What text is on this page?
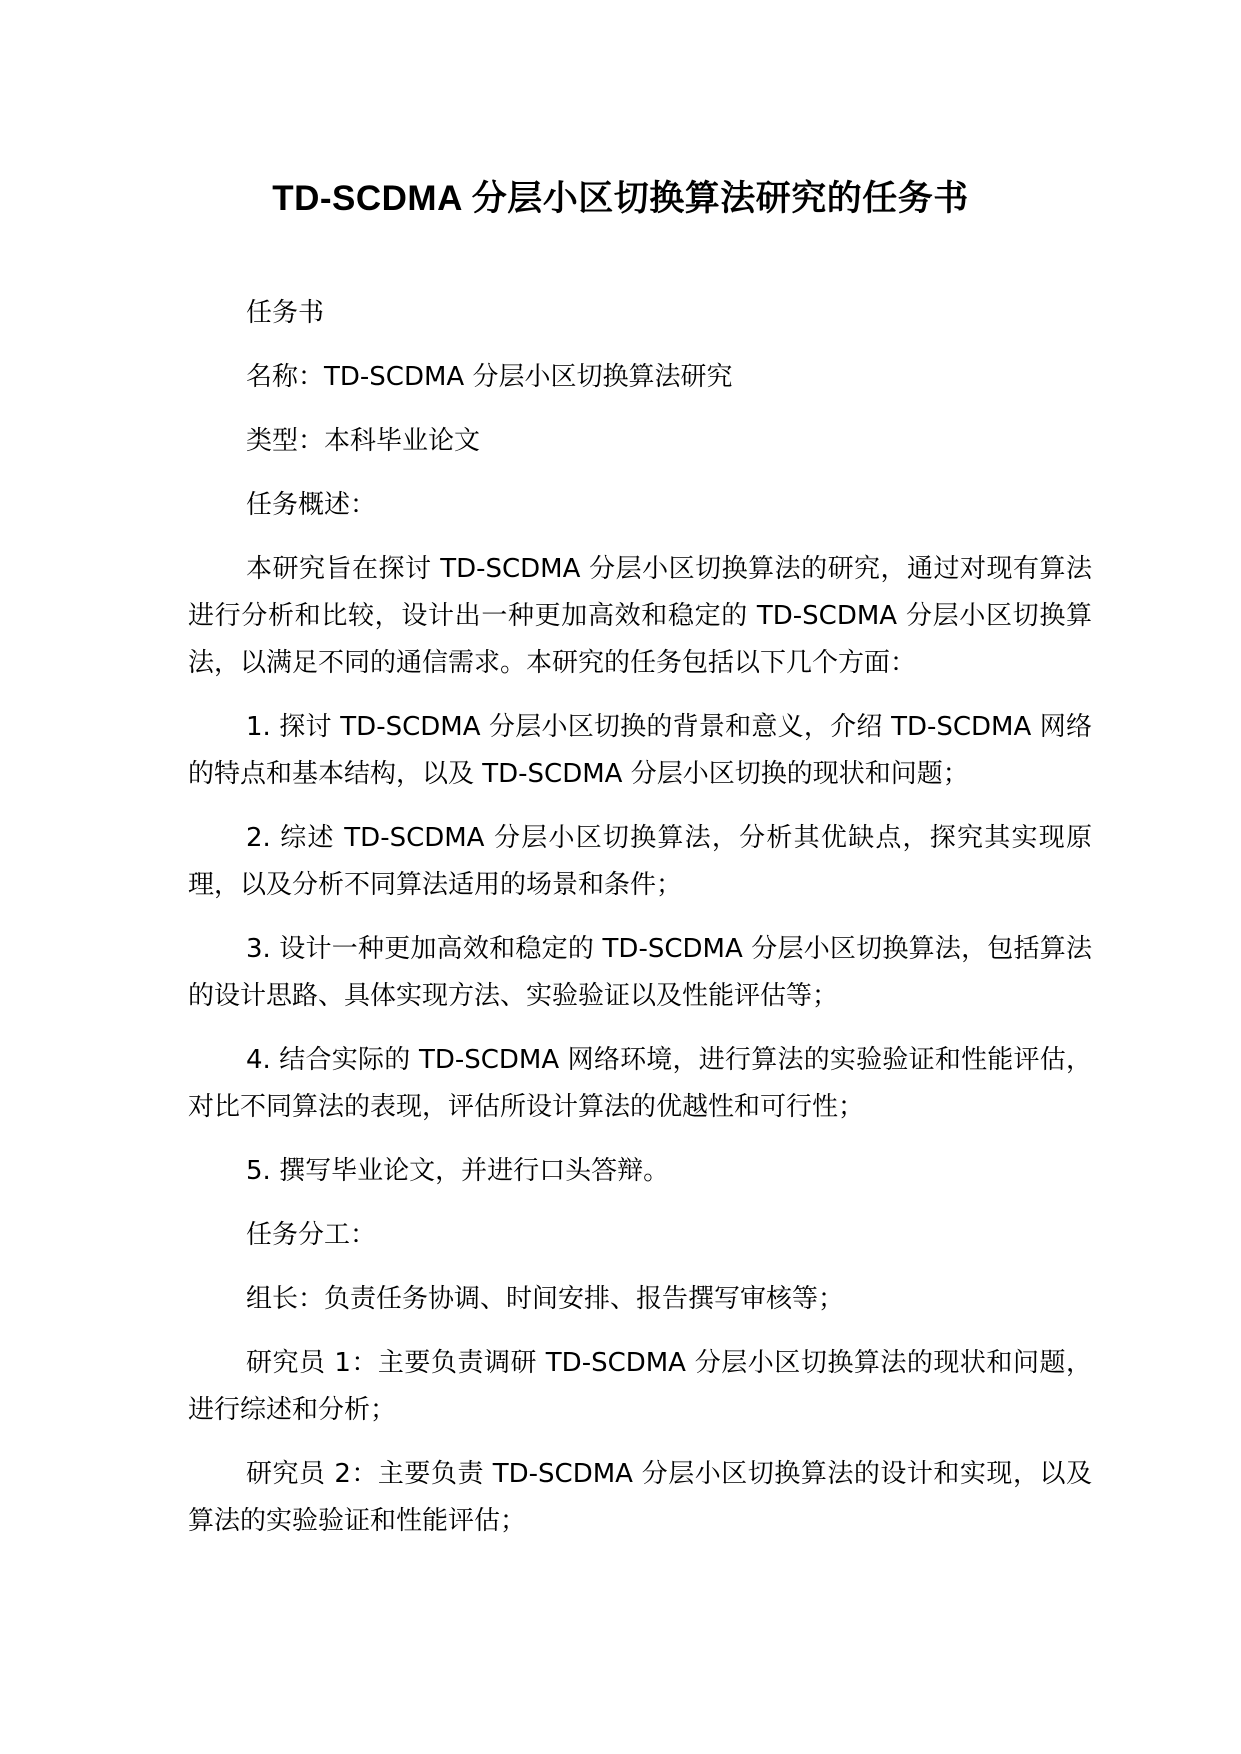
TD-SCDMA 分层小区切换算法研究的任务书

任务书

名称：TD-SCDMA 分层小区切换算法研究

类型：本科毕业论文

任务概述：

本研究旨在探讨 TD-SCDMA 分层小区切换算法的研究，通过对现有算法进行分析和比较，设计出一种更加高效和稳定的 TD-SCDMA 分层小区切换算法，以满足不同的通信需求。本研究的任务包括以下几个方面：

1. 探讨 TD-SCDMA 分层小区切换的背景和意义，介绍 TD-SCDMA 网络的特点和基本结构，以及 TD-SCDMA 分层小区切换的现状和问题；

2. 综述 TD-SCDMA 分层小区切换算法，分析其优缺点，探究其实现原理，以及分析不同算法适用的场景和条件；

3. 设计一种更加高效和稳定的 TD-SCDMA 分层小区切换算法，包括算法的设计思路、具体实现方法、实验验证以及性能评估等；

4. 结合实际的 TD-SCDMA 网络环境，进行算法的实验验证和性能评估，对比不同算法的表现，评估所设计算法的优越性和可行性；

5. 撰写毕业论文，并进行口头答辩。

任务分工：

组长：负责任务协调、时间安排、报告撰写审核等；

研究员 1：主要负责调研 TD-SCDMA 分层小区切换算法的现状和问题，进行综述和分析；

研究员 2：主要负责 TD-SCDMA 分层小区切换算法的设计和实现，以及算法的实验验证和性能评估；
